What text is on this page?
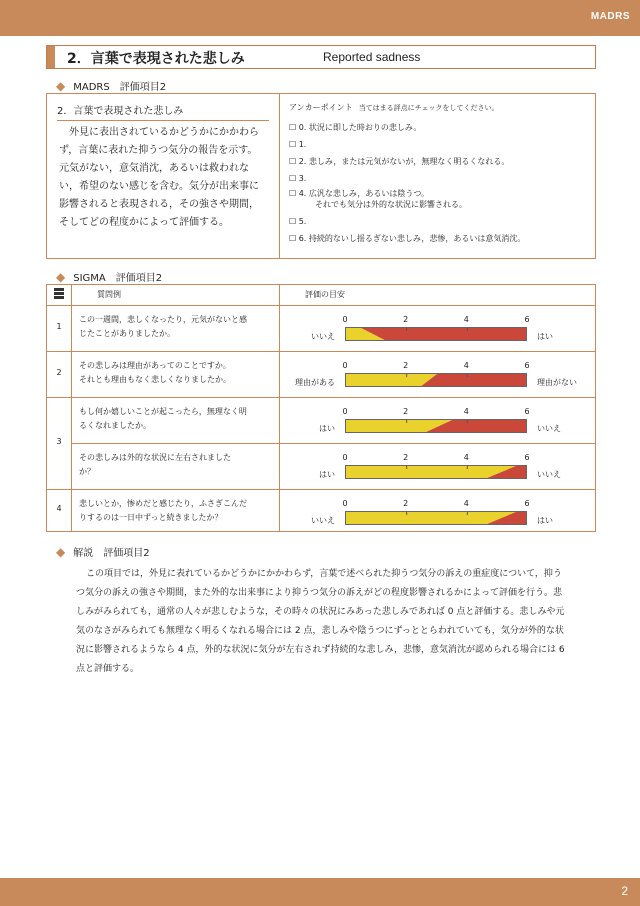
MADRS
2．言葉で表現された悲しみ	Reported sadness
◆ MADRS　評価項目2
2．言葉で表現された悲しみ
外見に表出されているかどうかにかかわらず，言葉に表れた抑うつ気分の報告を示す。元気がない，意気消沈，あるいは救われない，希望のない感じを含む。気分が出来事に影響されると表現される，その強さや期間，そしてどの程度かによって評価する。
アンカーポイント 当てはまる評点にチェックをしてください。
☐ 0. 状況に即した時おりの悲しみ。
☐ 1.
☐ 2. 悲しみ，または元気がないが，無理なく明るくなれる。
☐ 3.
☐ 4. 広汎な悲しみ，あるいは陰うつ。
それでも気分は外的な状況に影響される。
☐ 5.
☐ 6. 持続的ないし揺るぎない悲しみ，悲惨，あるいは意気消沈。
◆ SIGMA　評価項目2
質問例	評価の目安
1
この一週間，悲しくなったり，元気がないと感
じたことがありましたか。
0	2	4	6
いいえ	はい
2
その悲しみは理由があってのことですか。
それとも理由もなく悲しくなりましたか。
0	2	4	6
理由がある	理由がない
3
もし何か嬉しいことが起こったら，無理なく明
るくなれましたか。
0	2	4	6
はい	いいえ
その悲しみは外的な状況に左右されました
か？
0	2	4	6
はい	いいえ
4
悲しいとか，惨めだと感じたり，ふさぎこんだ
りするのは一日中ずっと続きましたか？
0	2	4	6
いいえ	はい
◆ 解説　評価項目2
この項目では，外見に表れているかどうかにかかわらず，言葉で述べられた抑うつ気分の訴えの重症度について，抑うつ気分の訴えの強さや期間，また外的な出来事により抑うつ気分の訴えがどの程度影響されるかによって評価を行う。悲しみがみられても，通常の人々が悲しむような，その時々の状況にみあった悲しみであれば 0 点と評価する。悲しみや元気のなさがみられても無理なく明るくなれる場合には 2 点，悲しみや陰うつにずっととらわれていても，気分が外的な状況に影響されるようなら 4 点，外的な状況に気分が左右されず持続的な悲しみ，悲惨，意気消沈が認められる場合には 6 点と評価する。
2
